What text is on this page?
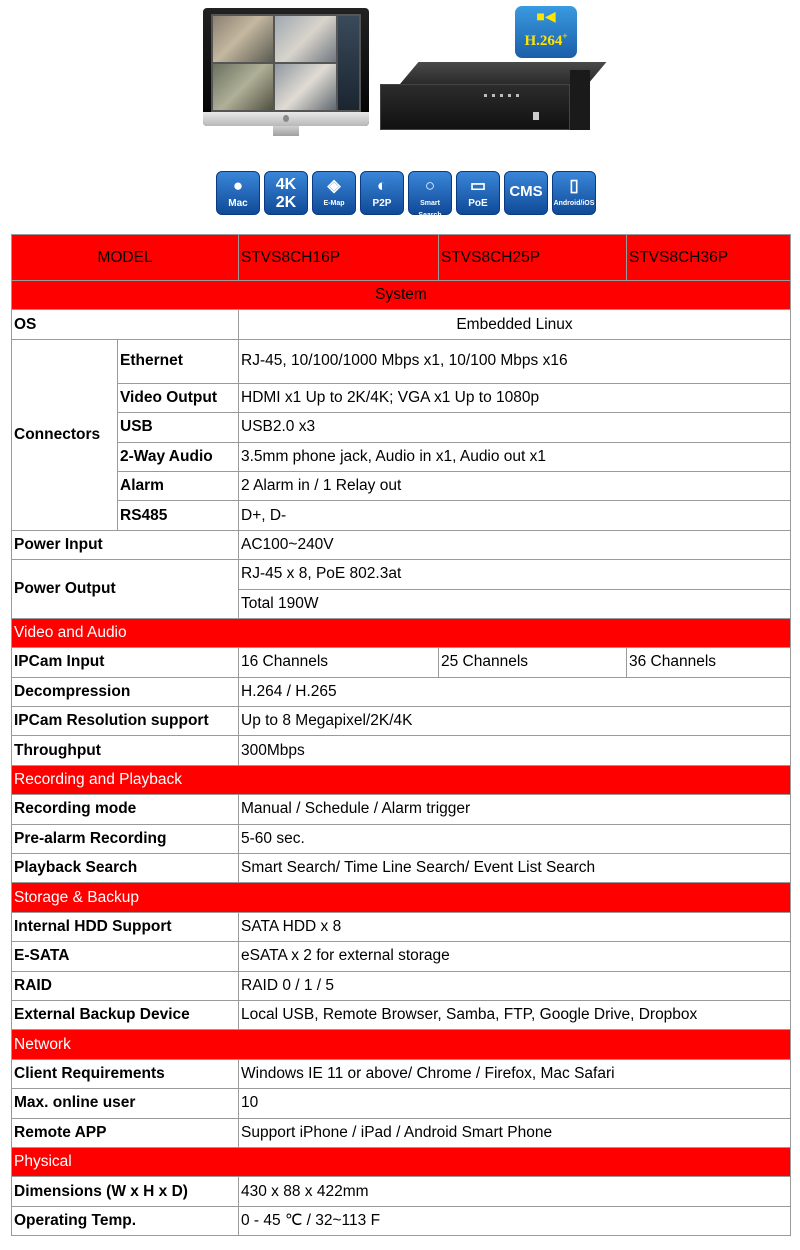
■◀
H.264+
●
Mac
4K
2K
◈
E-Map
◐
P2P
○
Smart Search
▭
PoE
CMS	▯
Android/iOS
MODEL		STVS8CH16P	STVS8CH25P	STVS8CH36P
System				
OS		Embedded Linux		
Connectors	Ethernet	RJ-45, 10/100/1000 Mbps x1, 10/100 Mbps x16		
	Video Output	HDMI x1 Up to 2K/4K; VGA x1 Up to 1080p		
	USB	USB2.0 x3		
	2-Way Audio	3.5mm phone jack, Audio in x1, Audio out x1		
	Alarm	2 Alarm in / 1 Relay out		
	RS485	D+, D-		
Power Input		AC100~240V		
Power Output		RJ-45 x 8, PoE 802.3at		
		Total 190W		
Video and Audio				
IPCam Input		16 Channels	25 Channels	36 Channels
Decompression		H.264 / H.265		
IPCam Resolution support		Up to 8 Megapixel/2K/4K		
Throughput		300Mbps		
Recording and Playback				
Recording mode		Manual / Schedule / Alarm trigger		
Pre-alarm Recording		5-60 sec.		
Playback Search		Smart Search/ Time Line Search/ Event List Search		
Storage & Backup				
Internal HDD Support		SATA HDD x 8		
E-SATA		eSATA x 2 for external storage		
RAID		RAID 0 / 1 / 5		
External Backup Device		Local USB, Remote Browser, Samba, FTP, Google Drive, Dropbox		
Network				
Client Requirements		Windows IE 11 or above/ Chrome / Firefox, Mac Safari		
Max. online user		10		
Remote APP		Support iPhone / iPad / Android Smart Phone		
Physical				
Dimensions (W x H x D)		430 x 88 x 422mm		
Operating Temp.		0 - 45 ℃ / 32~113 F		
